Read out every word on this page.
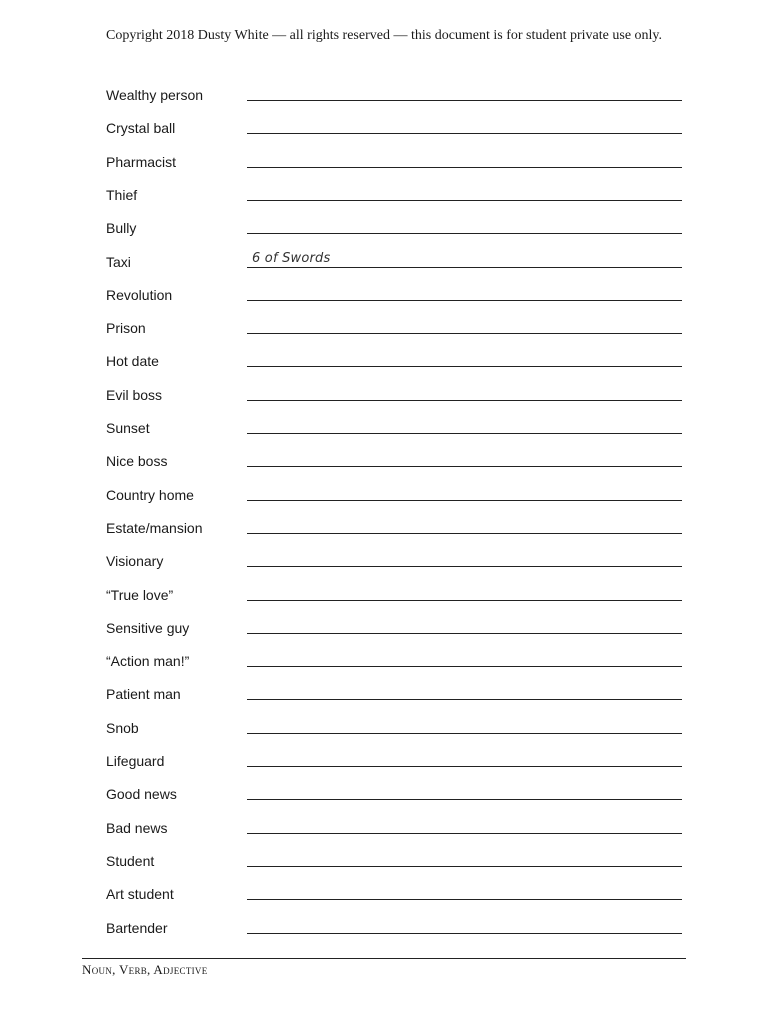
Copyright 2018 Dusty White — all rights reserved — this document is for student private use only.
Wealthy person
Crystal ball
Pharmacist
Thief
Bully
Taxi	6 of Swords
Revolution
Prison
Hot date
Evil boss
Sunset
Nice boss
Country home
Estate/mansion
Visionary
“True love”
Sensitive guy
“Action man!”
Patient man
Snob
Lifeguard
Good news
Bad news
Student
Art student
Bartender
Noun, Verb, Adjective
